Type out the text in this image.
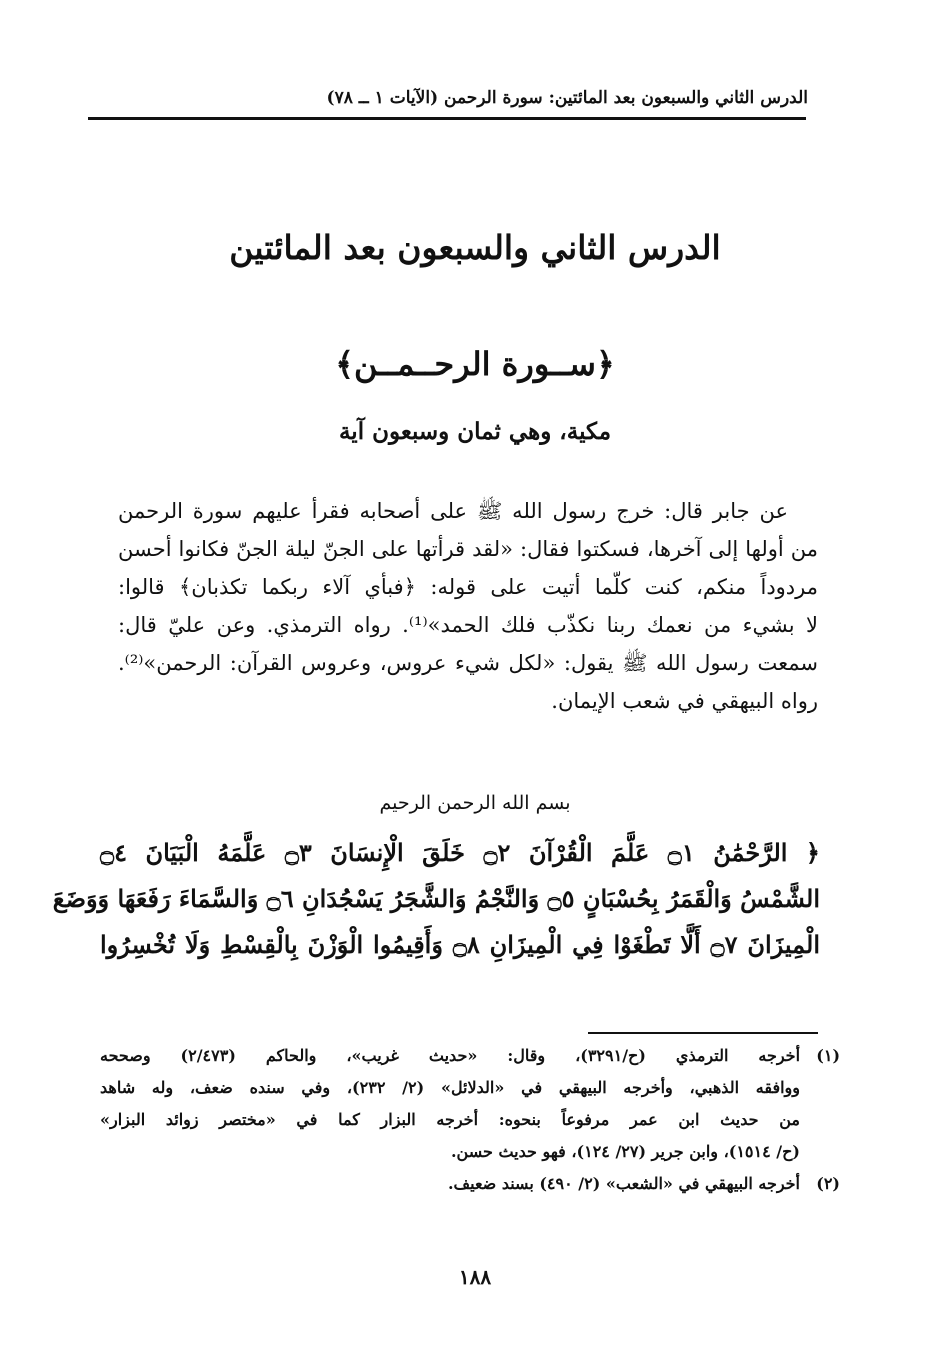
الدرس الثاني والسبعون بعد المائتين: سورة الرحمن (الآيات ١ ــ ٧٨)
الدرس الثاني والسبعون بعد المائتين
﴿ســورة الرحــمــن﴾
مكية، وهي ثمان وسبعون آية
عن جابر قال: خرج رسول الله ﷺ على أصحابه فقرأ عليهم سورة الرحمن
من أولها إلى آخرها، فسكتوا فقال: «لقد قرأتها على الجنّ ليلة الجنّ فكانوا أحسن
مردوداً منكم، كنت كلّما أتيت على قوله: ﴿فبأي آلاء ربكما تكذبان﴾ قالوا:
لا بشيء من نعمك ربنا نكذّب فلك الحمد»⁽¹⁾. رواه الترمذي. وعن عليّ قال:
سمعت رسول الله ﷺ يقول: «لكل شيء عروس، وعروس القرآن: الرحمن»⁽²⁾.
رواه البيهقي في شعب الإيمان.
بسم الله الرحمن الرحيم
﴿ الرَّحْمَٰنُ ۝١ عَلَّمَ الْقُرْآنَ ۝٢ خَلَقَ الْإِنسَانَ ۝٣ عَلَّمَهُ الْبَيَانَ ۝٤
الشَّمْسُ وَالْقَمَرُ بِحُسْبَانٍ ۝٥ وَالنَّجْمُ وَالشَّجَرُ يَسْجُدَانِ ۝٦ وَالسَّمَاءَ رَفَعَهَا وَوَضَعَ
الْمِيزَانَ ۝٧ أَلَّا تَطْغَوْا فِي الْمِيزَانِ ۝٨ وَأَقِيمُوا الْوَزْنَ بِالْقِسْطِ وَلَا تُخْسِرُوا
(١)أخرجه الترمذي (ح/٣٢٩١)، وقال: «حديث غريب»، والحاكم (٢/٤٧٣) وصححه
ووافقه الذهبي، وأخرجه البيهقي في «الدلائل» (٢/ ٢٣٢)، وفي سنده ضعف، وله شاهد
من حديث ابن عمر مرفوعاً بنحوه: أخرجه البزار كما في «مختصر زوائد البزار»
(ح/ ١٥١٤)، وابن جرير (٢٧/ ١٢٤)، فهو حديث حسن.
(٢)أخرجه البيهقي في «الشعب» (٢/ ٤٩٠) بسند ضعيف.
١٨٨
